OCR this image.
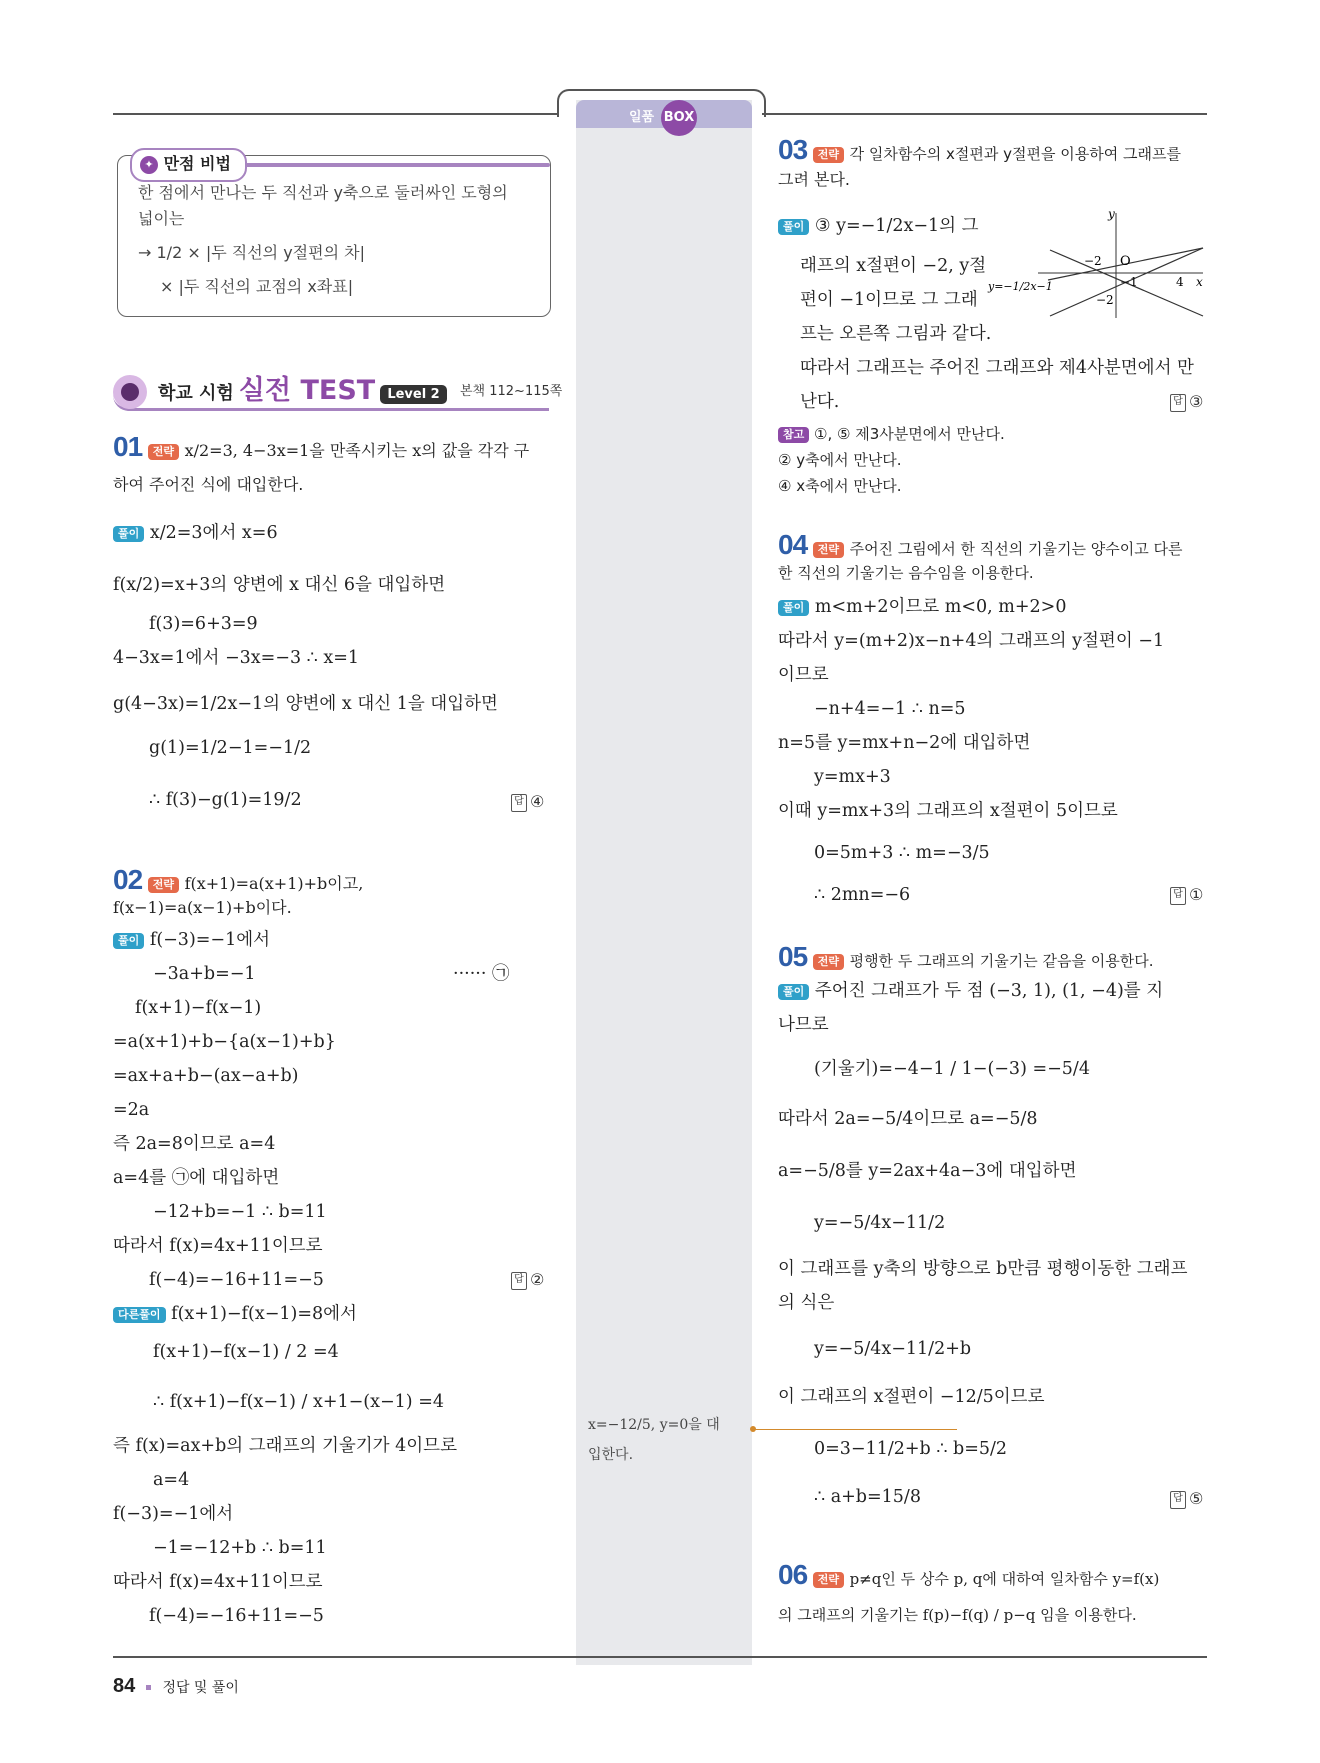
일품 BOX
x=−12/5, y=0을 대
입한다.
✦ 만점 비법
한 점에서 만나는 두 직선과 y축으로 둘러싸인 도형의
넓이는
→ 1/2 × |두 직선의 y절편의 차|
× |두 직선의 교점의 x좌표|
학교 시험 실전 TEST Level 2	본책 112~115쪽
01 전략 x/2=3, 4−3x=1을 만족시키는 x의 값을 각각 구
하여 주어진 식에 대입한다.
풀이 x/2=3에서 x=6
f(x/2)=x+3의 양변에 x 대신 6을 대입하면
f(3)=6+3=9
4−3x=1에서 −3x=−3 ∴ x=1
g(4−3x)=1/2x−1의 양변에 x 대신 1을 대입하면
g(1)=1/2−1=−1/2
∴ f(3)−g(1)=19/2	답 ④
02 전략 f(x+1)=a(x+1)+b이고,
f(x−1)=a(x−1)+b이다.
풀이 f(−3)=−1에서
−3a+b=−1	······ ㉠
f(x+1)−f(x−1)
=a(x+1)+b−{a(x−1)+b}
=ax+a+b−(ax−a+b)
=2a
즉 2a=8이므로 a=4
a=4를 ㉠에 대입하면
−12+b=−1 ∴ b=11
따라서 f(x)=4x+11이므로
f(−4)=−16+11=−5	답 ②
다른풀이 f(x+1)−f(x−1)=8에서
f(x+1)−f(x−1) / 2 =4
∴ f(x+1)−f(x−1) / x+1−(x−1) =4
즉 f(x)=ax+b의 그래프의 기울기가 4이므로
a=4
f(−3)=−1에서
−1=−12+b ∴ b=11
따라서 f(x)=4x+11이므로
f(−4)=−16+11=−5
03 전략 각 일차함수의 x절편과 y절편을 이용하여 그래프를
그려 본다.
풀이 ③ y=−1/2x−1의 그
래프의 x절편이 −2, y절
편이 −1이므로 그 그래
프는 오른쪽 그림과 같다.
따라서 그래프는 주어진 그래프와 제4사분면에서 만
난다.	답 ③
참고 ①, ⑤ 제3사분면에서 만난다.
② y축에서 만난다.
④ x축에서 만난다.
y
O
x
−2
−1	4
−2
y=−1/2x−1
04 전략 주어진 그림에서 한 직선의 기울기는 양수이고 다른
한 직선의 기울기는 음수임을 이용한다.
풀이 m<m+2이므로 m<0, m+2>0
따라서 y=(m+2)x−n+4의 그래프의 y절편이 −1
이므로
−n+4=−1 ∴ n=5
n=5를 y=mx+n−2에 대입하면
y=mx+3
이때 y=mx+3의 그래프의 x절편이 5이므로
0=5m+3 ∴ m=−3/5
∴ 2mn=−6	답 ①
05 전략 평행한 두 그래프의 기울기는 같음을 이용한다.
풀이 주어진 그래프가 두 점 (−3, 1), (1, −4)를 지
나므로
(기울기)=−4−1 / 1−(−3) =−5/4
따라서 2a=−5/4이므로 a=−5/8
a=−5/8를 y=2ax+4a−3에 대입하면
y=−5/4x−11/2
이 그래프를 y축의 방향으로 b만큼 평행이동한 그래프
의 식은
y=−5/4x−11/2+b
이 그래프의 x절편이 −12/5이므로
0=3−11/2+b ∴ b=5/2
∴ a+b=15/8	답 ⑤
06 전략 p≠q인 두 상수 p, q에 대하여 일차함수 y=f(x)
의 그래프의 기울기는 f(p)−f(q) / p−q 임을 이용한다.
84 정답 및 풀이
